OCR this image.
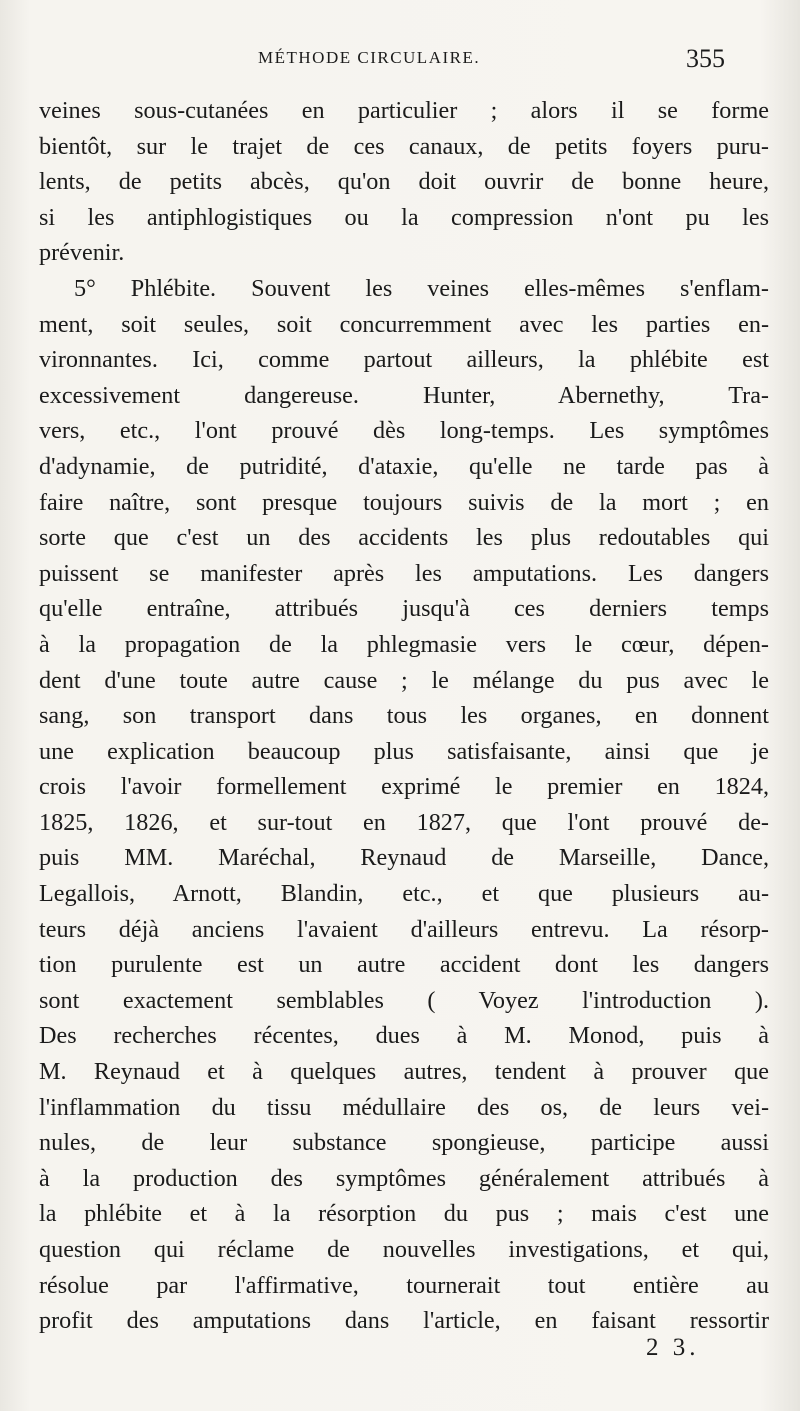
MÉTHODE CIRCULAIRE.	355
veines sous-cutanées en particulier ; alors il se forme
bientôt, sur le trajet de ces canaux, de petits foyers puru-
lents, de petits abcès, qu'on doit ouvrir de bonne heure,
si les antiphlogistiques ou la compression n'ont pu les
prévenir.
5° Phlébite. Souvent les veines elles-mêmes s'enflam-
ment, soit seules, soit concurremment avec les parties en-
vironnantes. Ici, comme partout ailleurs, la phlébite est
excessivement dangereuse. Hunter, Abernethy, Tra-
vers, etc., l'ont prouvé dès long-temps. Les symptômes
d'adynamie, de putridité, d'ataxie, qu'elle ne tarde pas à
faire naître, sont presque toujours suivis de la mort ; en
sorte que c'est un des accidents les plus redoutables qui
puissent se manifester après les amputations. Les dangers
qu'elle entraîne, attribués jusqu'à ces derniers temps
à la propagation de la phlegmasie vers le cœur, dépen-
dent d'une toute autre cause ; le mélange du pus avec le
sang, son transport dans tous les organes, en donnent
une explication beaucoup plus satisfaisante, ainsi que je
crois l'avoir formellement exprimé le premier en 1824,
1825, 1826, et sur-tout en 1827, que l'ont prouvé de-
puis MM. Maréchal, Reynaud de Marseille, Dance,
Legallois, Arnott, Blandin, etc., et que plusieurs au-
teurs déjà anciens l'avaient d'ailleurs entrevu. La résorp-
tion purulente est un autre accident dont les dangers
sont exactement semblables ( Voyez l'introduction ).
Des recherches récentes, dues à M. Monod, puis à
M. Reynaud et à quelques autres, tendent à prouver que
l'inflammation du tissu médullaire des os, de leurs vei-
nules, de leur substance spongieuse, participe aussi
à la production des symptômes généralement attribués à
la phlébite et à la résorption du pus ; mais c'est une
question qui réclame de nouvelles investigations, et qui,
résolue par l'affirmative, tournerait tout entière au
profit des amputations dans l'article, en faisant ressortir
2 3.
